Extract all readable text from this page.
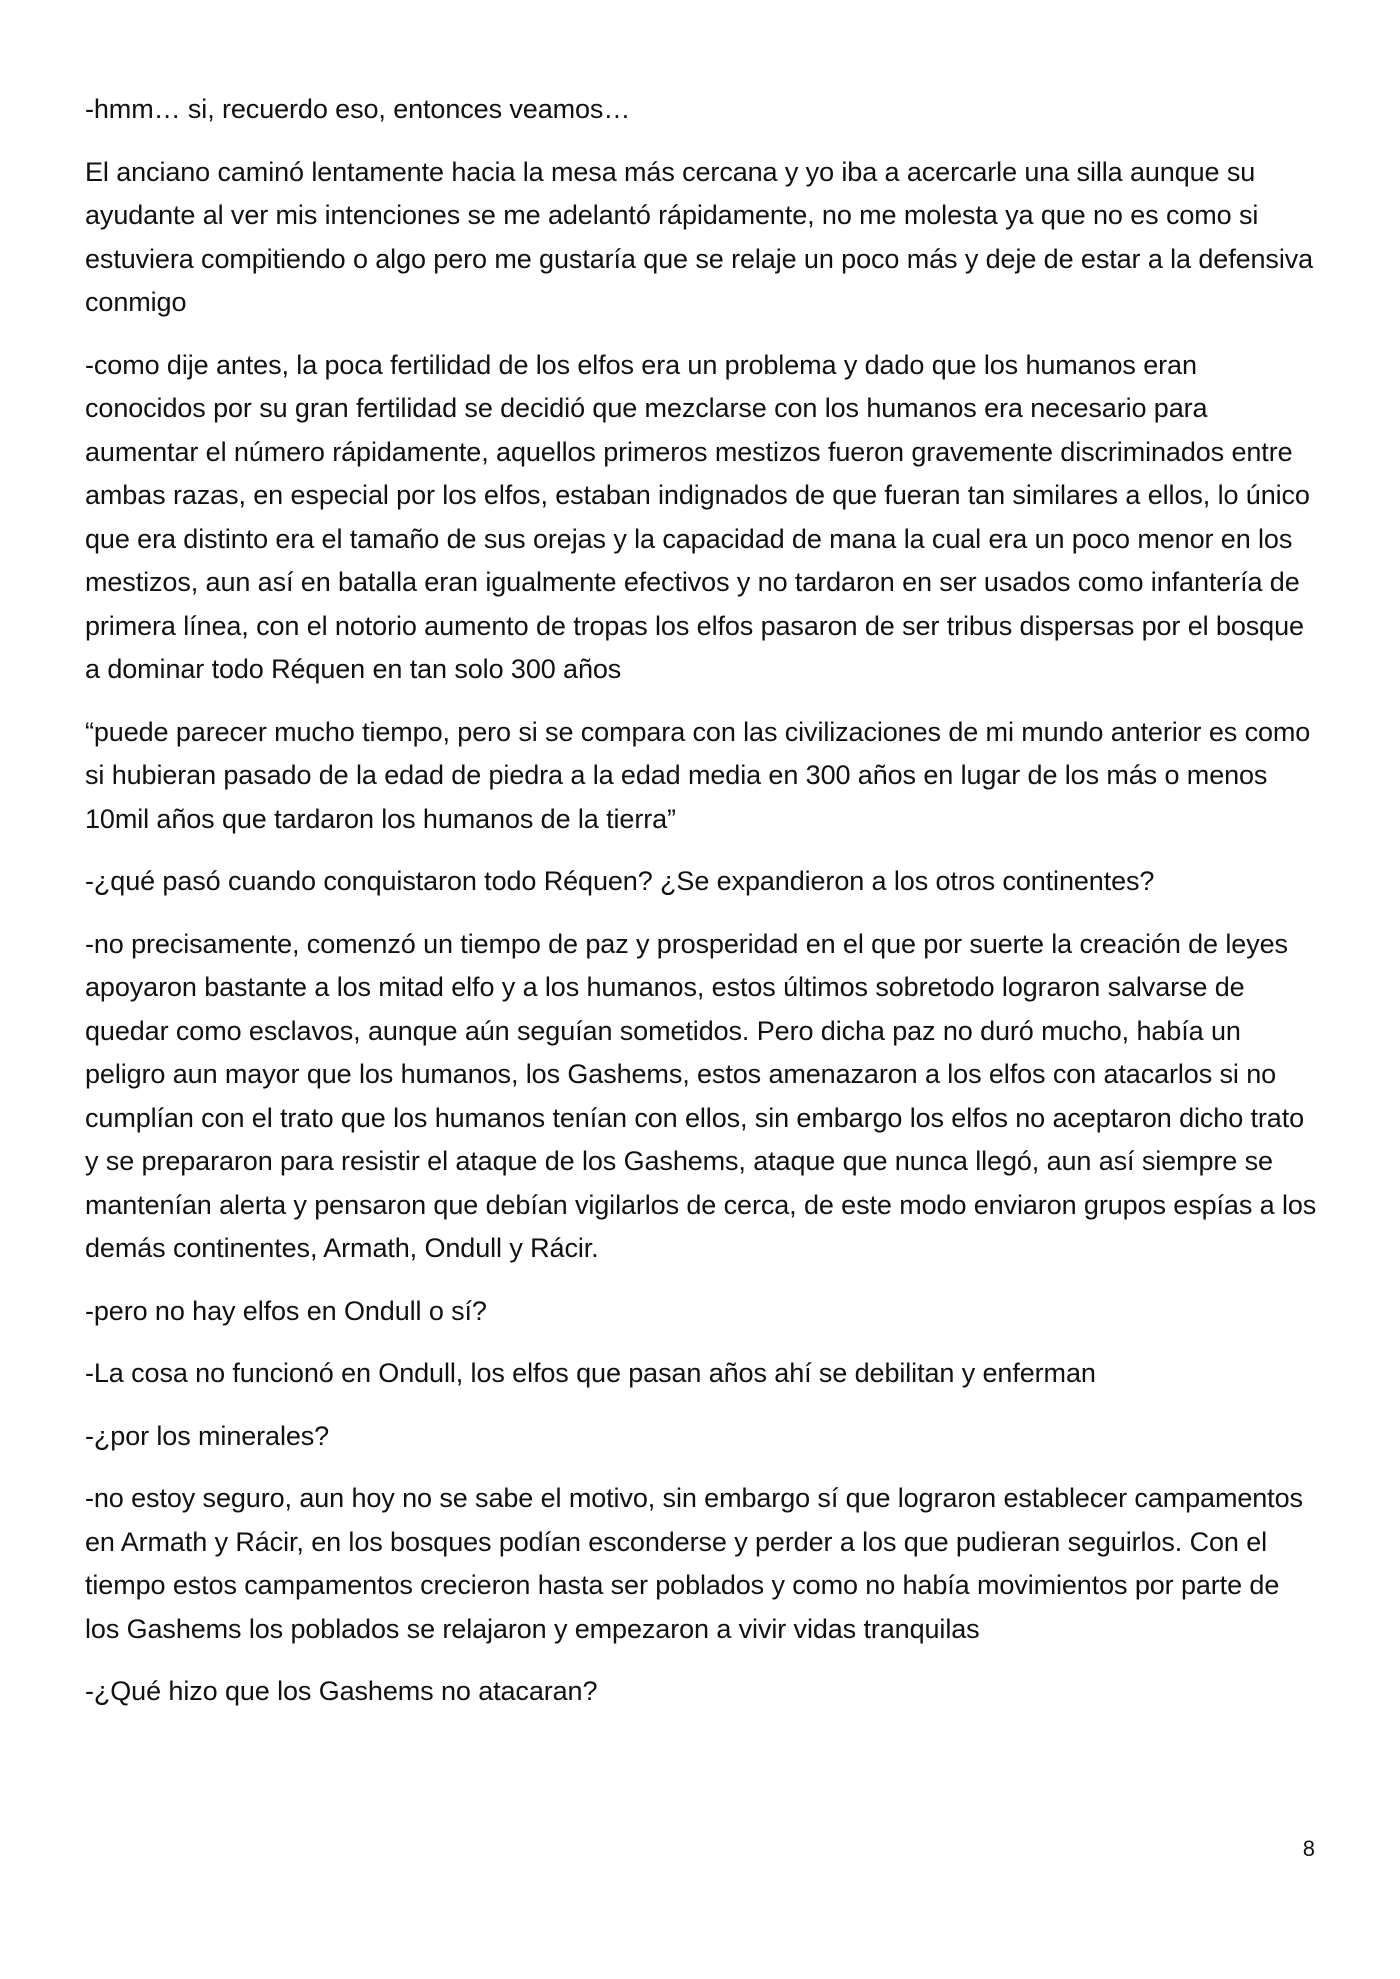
-hmm… si, recuerdo eso, entonces veamos…

El anciano caminó lentamente hacia la mesa más cercana y yo iba a acercarle una silla aunque su ayudante al ver mis intenciones se me adelantó rápidamente, no me molesta ya que no es como si estuviera compitiendo o algo pero me gustaría que se relaje un poco más y deje de estar a la defensiva conmigo

-como dije antes, la poca fertilidad de los elfos era un problema y dado que los humanos eran conocidos por su gran fertilidad se decidió que mezclarse con los humanos era necesario para aumentar el número rápidamente, aquellos primeros mestizos fueron gravemente discriminados entre ambas razas, en especial por los elfos, estaban indignados de que fueran tan similares a ellos, lo único que era distinto era el tamaño de sus orejas y la capacidad de mana la cual era un poco menor en los mestizos, aun así en batalla eran igualmente efectivos y no tardaron en ser usados como infantería de primera línea, con el notorio aumento de tropas los elfos pasaron de ser tribus dispersas por el bosque a dominar todo Réquen en tan solo 300 años

“puede parecer mucho tiempo, pero si se compara con las civilizaciones de mi mundo anterior es como si hubieran pasado de la edad de piedra a la edad media en 300 años en lugar de los más o menos 10mil años que tardaron los humanos de la tierra”

-¿qué pasó cuando conquistaron todo Réquen? ¿Se expandieron a los otros continentes?

-no precisamente, comenzó un tiempo de paz y prosperidad en el que por suerte la creación de leyes apoyaron bastante a los mitad elfo y a los humanos, estos últimos sobretodo lograron salvarse de quedar como esclavos, aunque aún seguían sometidos. Pero dicha paz no duró mucho, había un peligro aun mayor que los humanos, los Gashems, estos amenazaron a los elfos con atacarlos si no cumplían con el trato que los humanos tenían con ellos, sin embargo los elfos no aceptaron dicho trato y se prepararon para resistir el ataque de los Gashems, ataque que nunca llegó, aun así siempre se mantenían alerta y pensaron que debían vigilarlos de cerca, de este modo enviaron grupos espías a los demás continentes, Armath, Ondull y Rácir.

-pero no hay elfos en Ondull o sí?

-La cosa no funcionó en Ondull, los elfos que pasan años ahí se debilitan y enferman

-¿por los minerales?

-no estoy seguro, aun hoy no se sabe el motivo, sin embargo sí que lograron establecer campamentos en Armath y Rácir, en los bosques podían esconderse y perder a los que pudieran seguirlos. Con el tiempo estos campamentos crecieron hasta ser poblados y como no había movimientos por parte de los Gashems los poblados se relajaron y empezaron a vivir vidas tranquilas

-¿Qué hizo que los Gashems no atacaran?

8
